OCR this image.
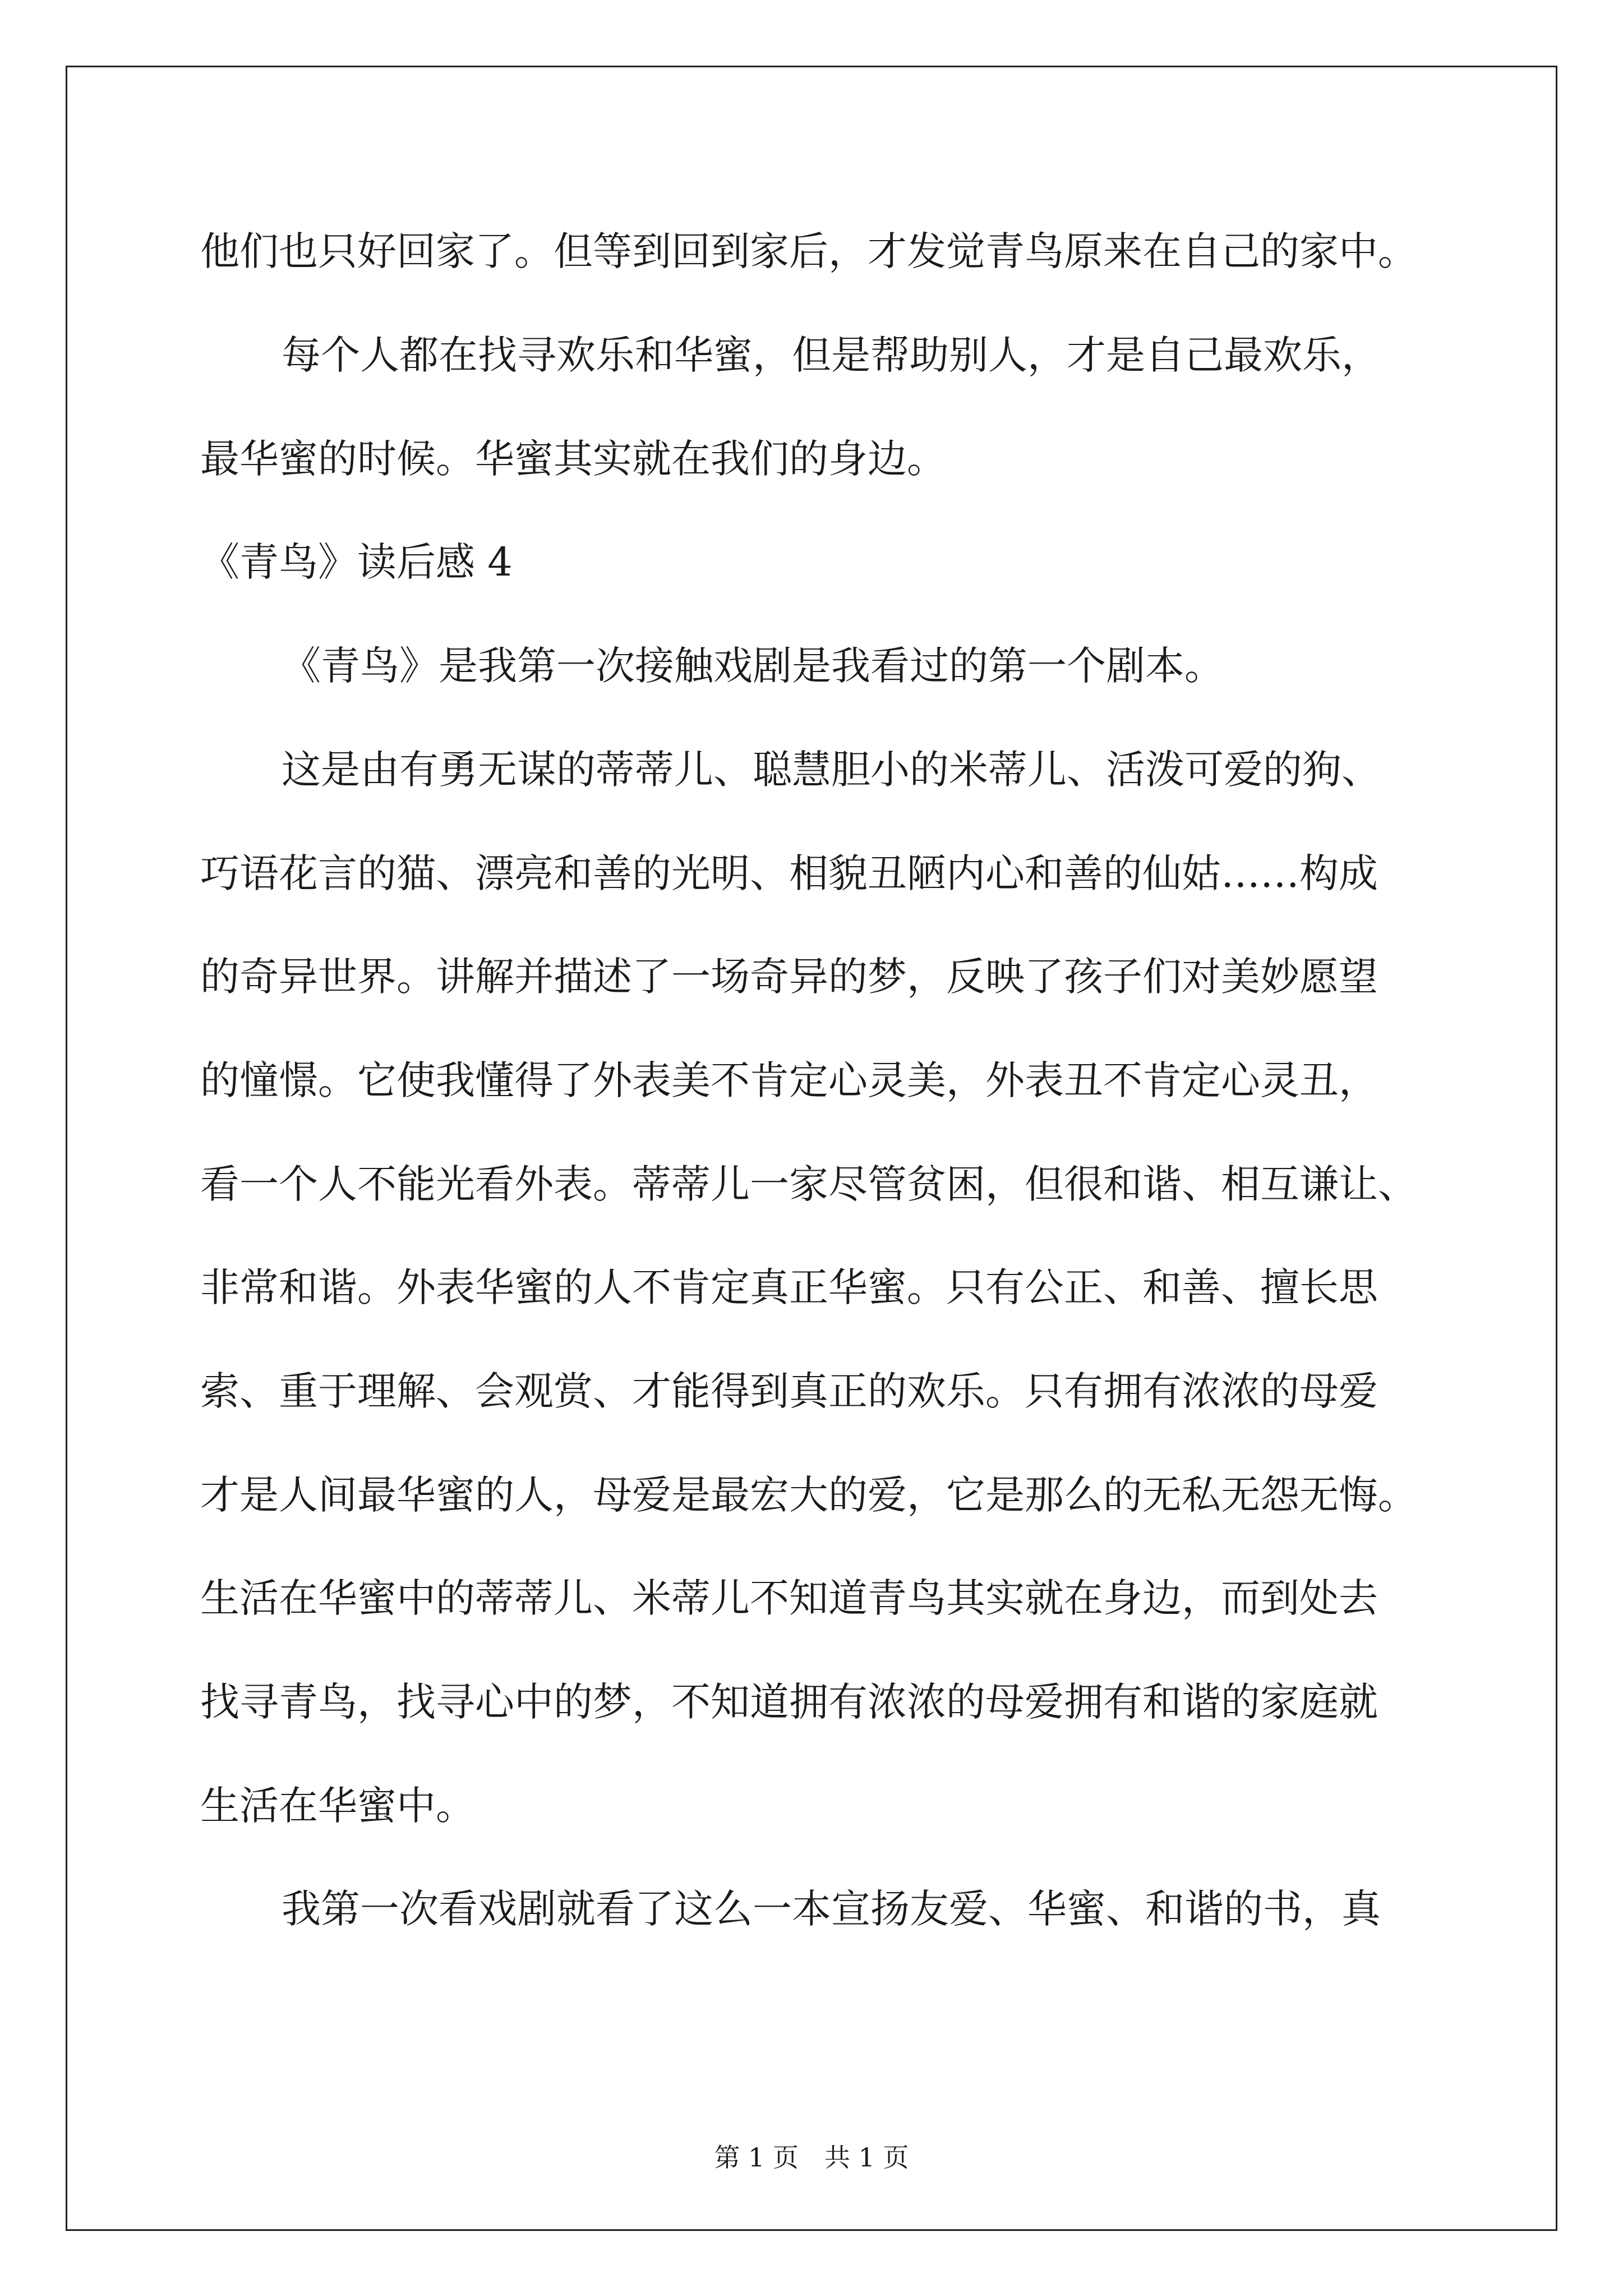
他们也只好回家了。但等到回到家后，才发觉青鸟原来在自己的家中。
每个人都在找寻欢乐和华蜜，但是帮助别人，才是自己最欢乐，
最华蜜的时候。华蜜其实就在我们的身边。
《青鸟》读后感 4
《青鸟》是我第一次接触戏剧是我看过的第一个剧本。
这是由有勇无谋的蒂蒂儿、聪慧胆小的米蒂儿、活泼可爱的狗、
巧语花言的猫、漂亮和善的光明、相貌丑陋内心和善的仙姑……构成
的奇异世界。讲解并描述了一场奇异的梦，反映了孩子们对美妙愿望
的憧憬。它使我懂得了外表美不肯定心灵美，外表丑不肯定心灵丑，
看一个人不能光看外表。蒂蒂儿一家尽管贫困，但很和谐、相互谦让、
非常和谐。外表华蜜的人不肯定真正华蜜。只有公正、和善、擅长思
索、重于理解、会观赏、才能得到真正的欢乐。只有拥有浓浓的母爱
才是人间最华蜜的人，母爱是最宏大的爱，它是那么的无私无怨无悔。
生活在华蜜中的蒂蒂儿、米蒂儿不知道青鸟其实就在身边，而到处去
找寻青鸟，找寻心中的梦，不知道拥有浓浓的母爱拥有和谐的家庭就
生活在华蜜中。
我第一次看戏剧就看了这么一本宣扬友爱、华蜜、和谐的书，真
第 1 页　共 1 页
